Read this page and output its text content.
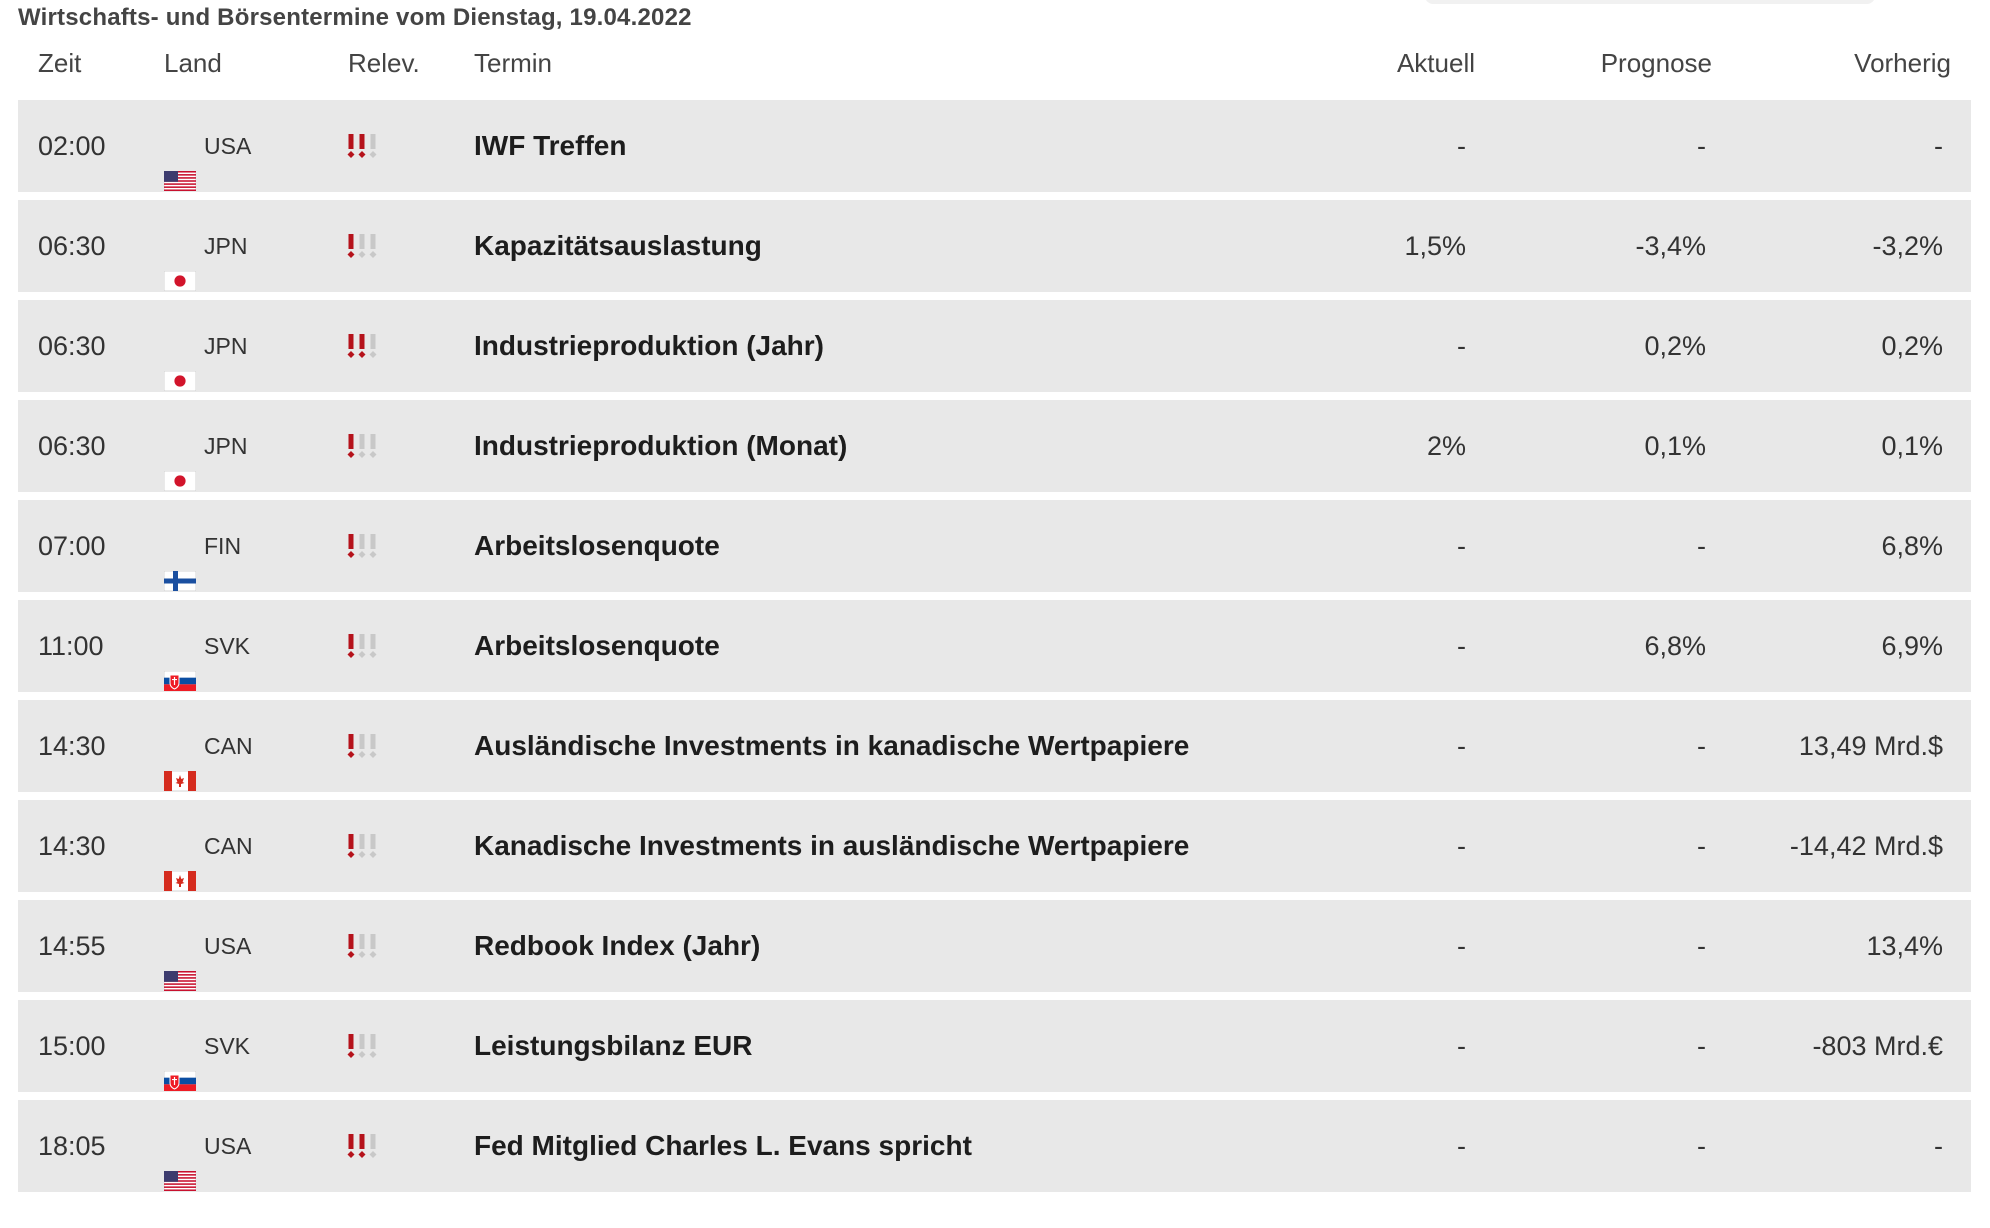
Wirtschafts- und Börsentermine vom Dienstag, 19.04.2022
Zeit	Land	Relev. Termin	Aktuell	Prognose	Vorherig
02:00	USA	IWF Treffen	-	-	-
06:30	JPN	Kapazitätsauslastung	1,5%	-3,4%	-3,2%
06:30	JPN	Industrieproduktion (Jahr)	-	0,2%	0,2%
06:30	JPN	Industrieproduktion (Monat)	2%	0,1%	0,1%
07:00	FIN	Arbeitslosenquote	-	-	6,8%
11:00	SVK	Arbeitslosenquote	-	6,8%	6,9%
14:30	CAN	Ausländische Investments in kanadische Wertpapiere	-	-	13,49 Mrd.$
14:30	CAN	Kanadische Investments in ausländische Wertpapiere	-	-	-14,42 Mrd.$
14:55	USA	Redbook Index (Jahr)	-	-	13,4%
15:00	SVK	Leistungsbilanz EUR	-	-	-803 Mrd.€
18:05	USA	Fed Mitglied Charles L. Evans spricht	-	-	-
